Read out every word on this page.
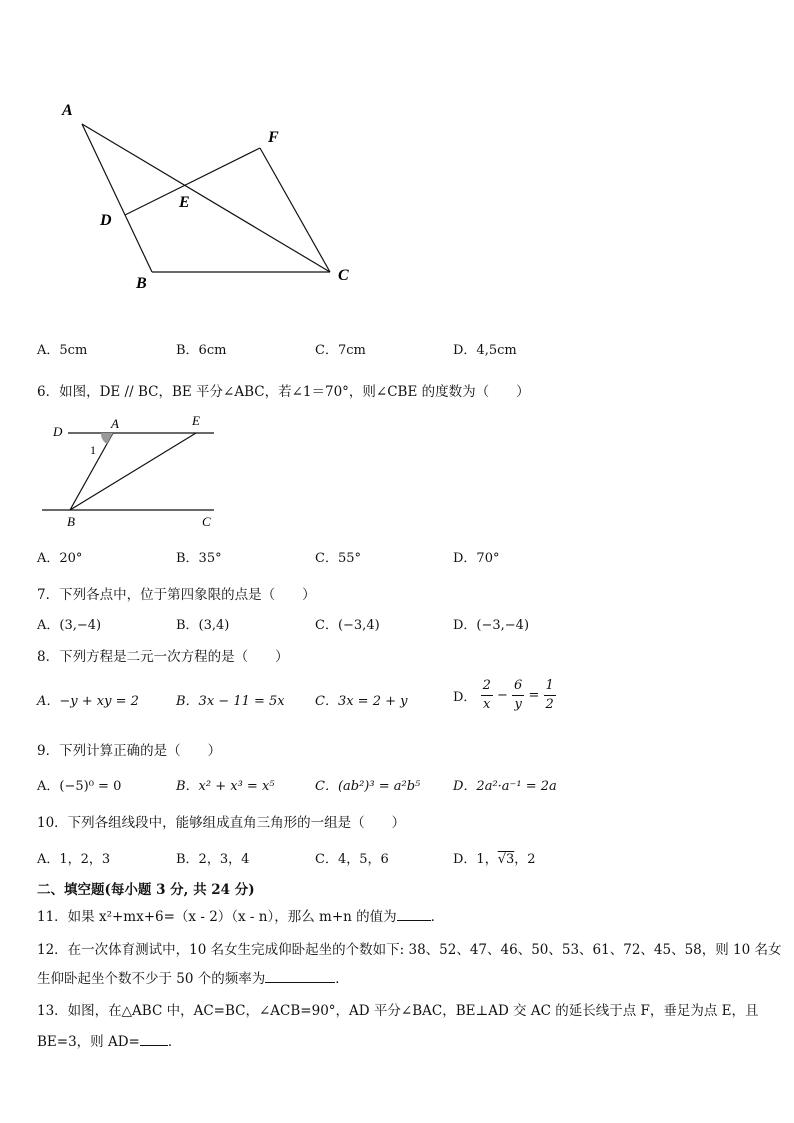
A
F
D
E
B	C
A．5cm	B．6cm	C．7cm	D．4,5cm
6．如图，DE // BC，BE 平分∠ABC，若∠1＝70°，则∠CBE 的度数为（　　）
D
A	E
1
B	C
A．20°	B．35°	C．55°	D．70°
7．下列各点中，位于第四象限的点是（　　）
A．(3,−4)	B．(3,4)	C．(−3,4)	D．(−3,−4)
8．下列方程是二元一次方程的是（　　）
A．−y + xy = 2	B．3x − 11 = 5x C．3x = 2 + y	D． $\frac{2}{x} - \frac{6}{y} = \frac{1}{2}$
9．下列计算正确的是（　　）
A．(−5)⁰ = 0	B．x² + x³ = x⁵	C．(ab²)³ = a²b⁵	D．2a²·a⁻¹ = 2a
10．下列各组线段中，能够组成直角三角形的一组是（　　）
A．1，2，3	B．2，3，4	C．4，5，6	D．1，√3，2
二、填空题(每小题 3 分, 共 24 分)
11．如果 x²+mx+6=（x - 2）（x - n），那么 m+n 的值为	．
12．在一次体育测试中，10 名女生完成仰卧起坐的个数如下: 38、52、47、46、50、53、61、72、45、58，则 10 名女
生仰卧起坐个数不少于 50 个的频率为	．
13．如图，在△ABC 中，AC=BC，∠ACB=90°，AD 平分∠BAC，BE⊥AD 交 AC 的延长线于点 F，垂足为点 E，且
BE=3，则 AD= ．
